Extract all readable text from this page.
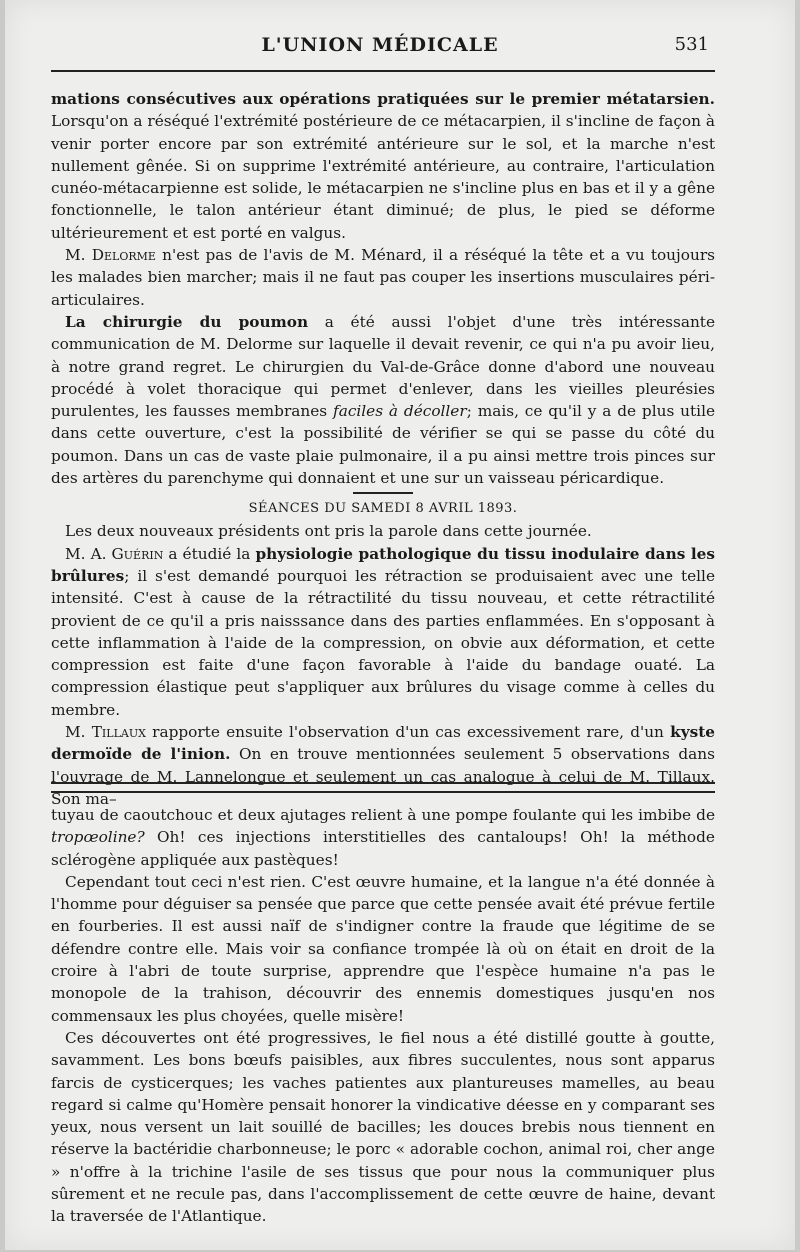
L'UNION MÉDICALE	531

mations consécutives aux opérations pratiquées sur le premier métatarsien. Lorsqu'on a réséqué l'extrémité postérieure de ce métacarpien, il s'incline de façon à venir porter encore par son extrémité antérieure sur le sol, et la marche n'est nullement gênée. Si on supprime l'extrémité antérieure, au contraire, l'articulation cunéo-métacarpienne est solide, le métacarpien ne s'incline plus en bas et il y a gêne fonctionnelle, le talon antérieur étant diminué; de plus, le pied se déforme ultérieurement et est porté en valgus.

M. Delorme n'est pas de l'avis de M. Ménard, il a réséqué la tête et a vu toujours les malades bien marcher; mais il ne faut pas couper les insertions musculaires péri-articulaires.

La chirurgie du poumon a été aussi l'objet d'une très intéressante communication de M. Delorme sur laquelle il devait revenir, ce qui n'a pu avoir lieu, à notre grand regret. Le chirurgien du Val-de-Grâce donne d'abord une nouveau procédé à volet thoracique qui permet d'enlever, dans les vieilles pleurésies purulentes, les fausses membranes faciles à décoller; mais, ce qu'il y a de plus utile dans cette ouverture, c'est la possibilité de vérifier se qui se passe du côté du poumon. Dans un cas de vaste plaie pulmonaire, il a pu ainsi mettre trois pinces sur des artères du parenchyme qui donnaient et une sur un vaisseau péricardique.

SÉANCES DU SAMEDI 8 AVRIL 1893.

Les deux nouveaux présidents ont pris la parole dans cette journée.

M. A. Guérin a étudié la physiologie pathologique du tissu inodulaire dans les brûlures; il s'est demandé pourquoi les rétraction se produisaient avec une telle intensité. C'est à cause de la rétractilité du tissu nouveau, et cette rétractilité provient de ce qu'il a pris naisssance dans des parties enflammées. En s'opposant à cette inflammation à l'aide de la compression, on obvie aux déformation, et cette compression est faite d'une façon favorable à l'aide du bandage ouaté. La compression élastique peut s'appliquer aux brûlures du visage comme à celles du membre.

M. Tillaux rapporte ensuite l'observation d'un cas excessivement rare, d'un kyste dermoïde de l'inion. On en trouve mentionnées seulement 5 observations dans l'ouvrage de M. Lannelongue et seulement un cas analogue à celui de M. Tillaux. Son ma–

tuyau de caoutchouc et deux ajutages relient à une pompe foulante qui les imbibe de tropœoline? Oh! ces injections interstitielles des cantaloups! Oh! la méthode sclérogène appliquée aux pastèques!

Cependant tout ceci n'est rien. C'est œuvre humaine, et la langue n'a été donnée à l'homme pour déguiser sa pensée que parce que cette pensée avait été prévue fertile en fourberies. Il est aussi naïf de s'indigner contre la fraude que légitime de se défendre contre elle. Mais voir sa confiance trompée là où on était en droit de la croire à l'abri de toute surprise, apprendre que l'espèce humaine n'a pas le monopole de la trahison, découvrir des ennemis domestiques jusqu'en nos commensaux les plus choyées, quelle misère!

Ces découvertes ont été progressives, le fiel nous a été distillé goutte à goutte, savamment. Les bons bœufs paisibles, aux fibres succulentes, nous sont apparus farcis de cysticerques; les vaches patientes aux plantureuses mamelles, au beau regard si calme qu'Homère pensait honorer la vindicative déesse en y comparant ses yeux, nous versent un lait souillé de bacilles; les douces brebis nous tiennent en réserve la bactéridie charbonneuse; le porc « adorable cochon, animal roi, cher ange » n'offre à la trichine l'asile de ses tissus que pour nous la communiquer plus sûrement et ne recule pas, dans l'accomplissement de cette œuvre de haine, devant la traversée de l'Atlantique.
